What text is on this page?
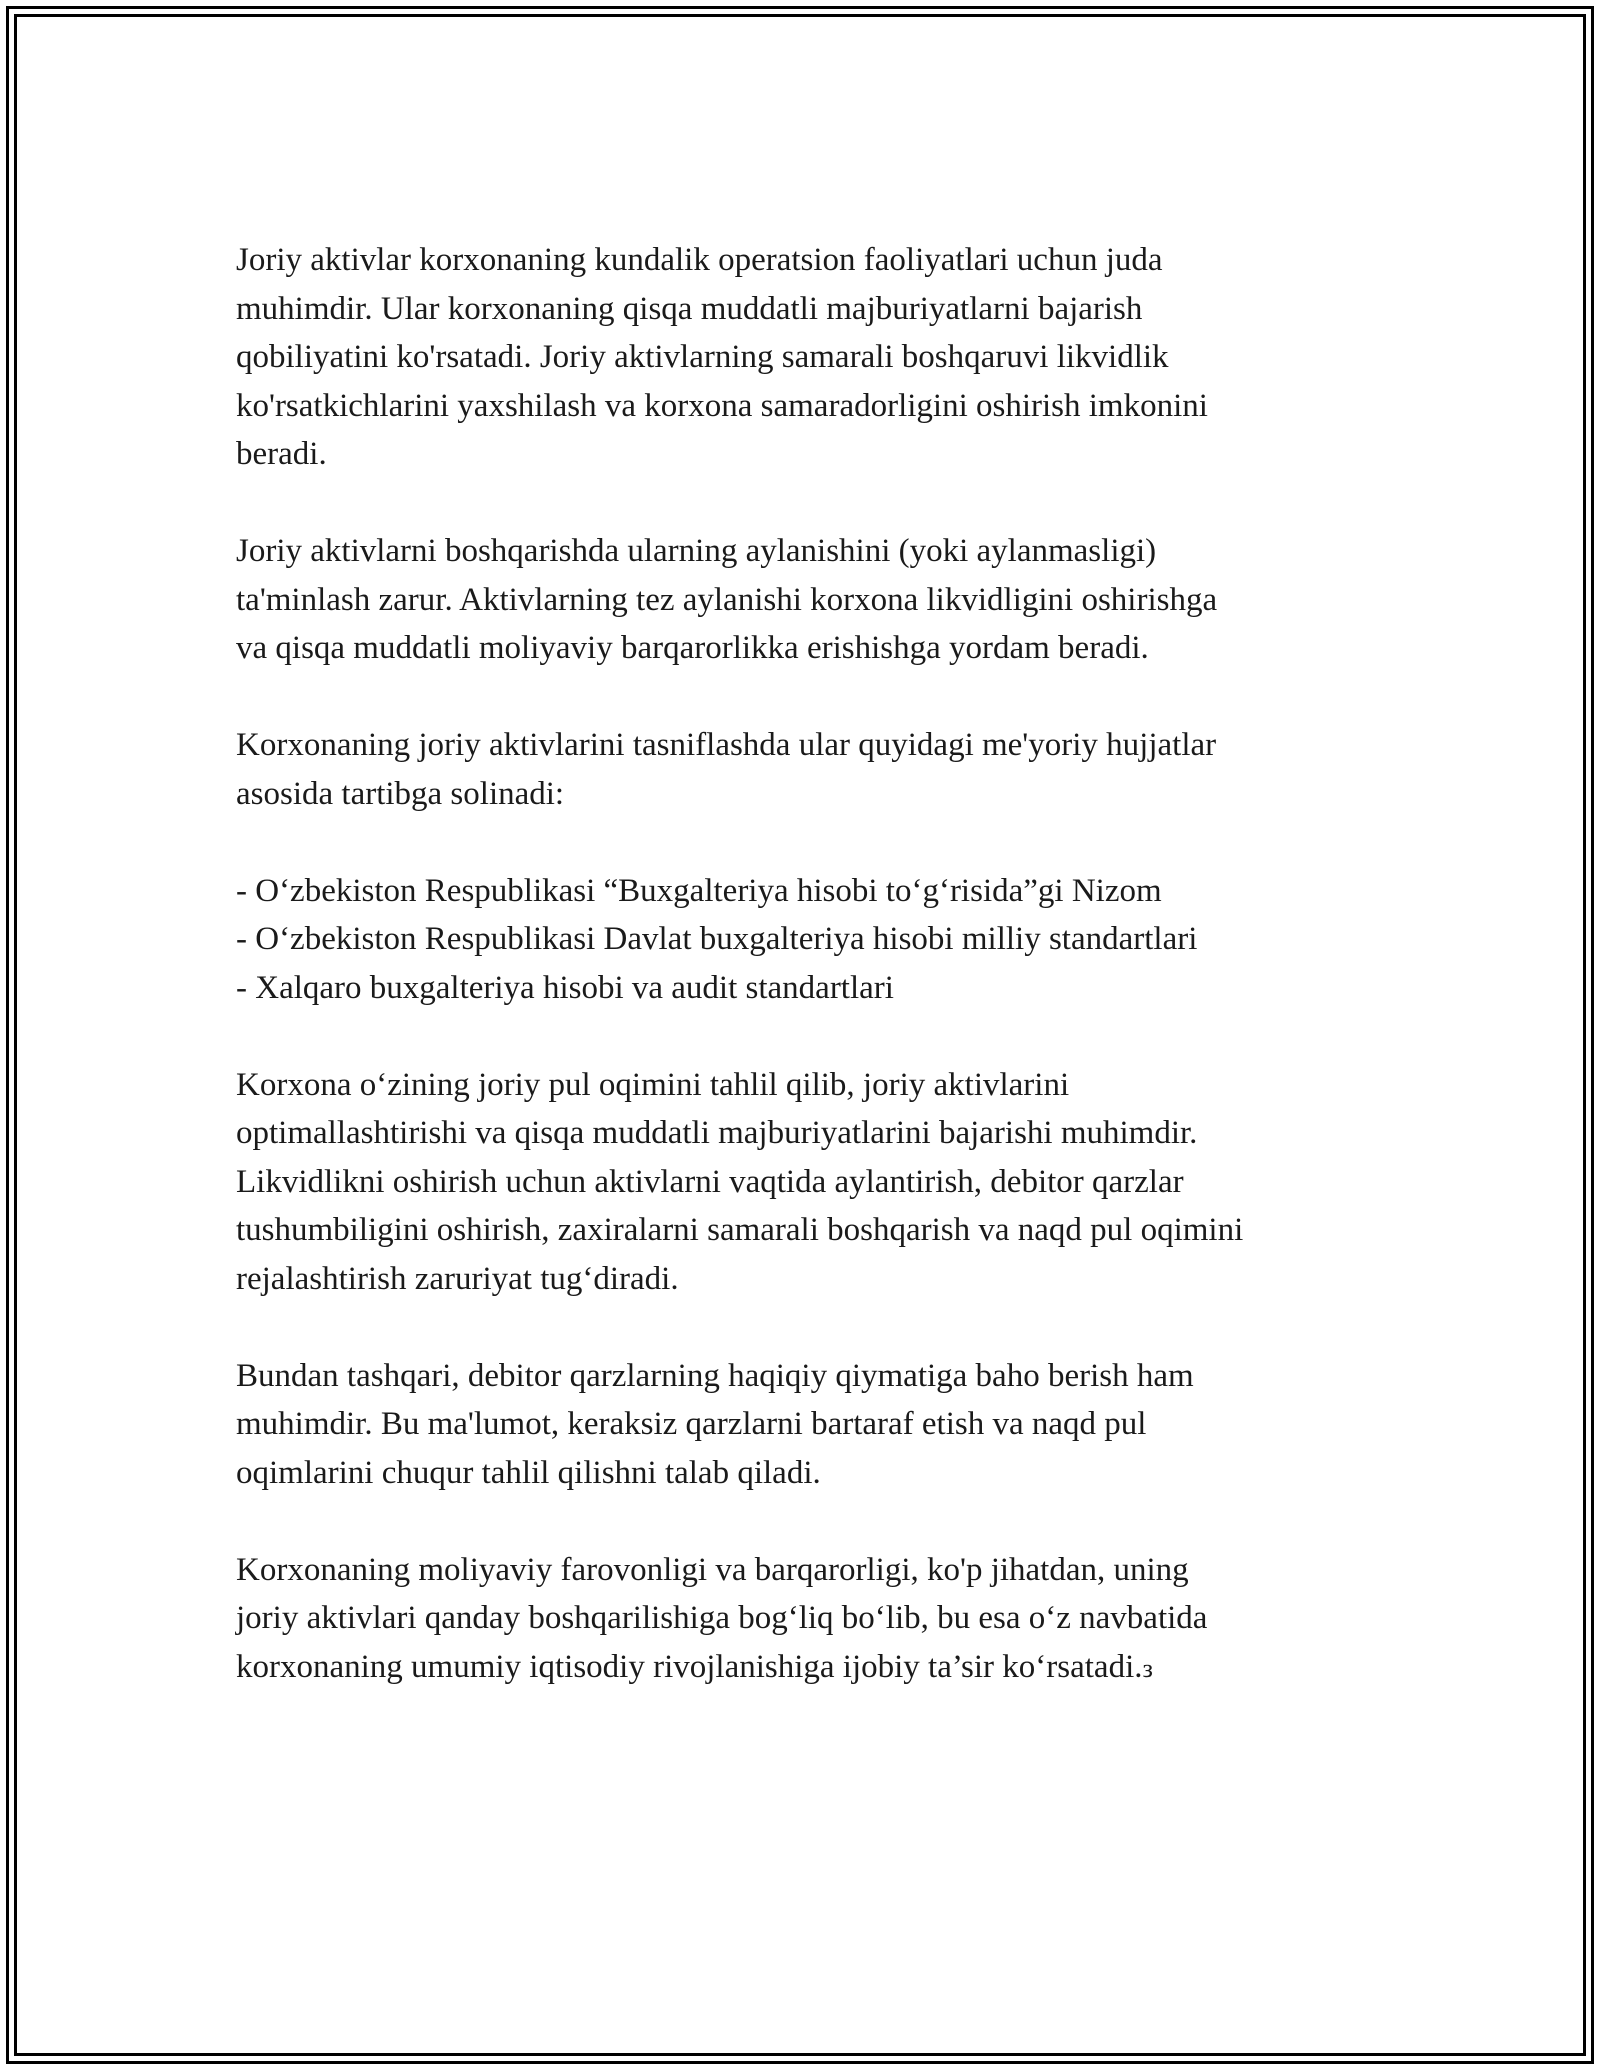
Joriy aktivlar korxonaning kundalik operatsion faoliyatlari uchun juda
muhimdir. Ular korxonaning qisqa muddatli majburiyatlarni bajarish
qobiliyatini ko'rsatadi. Joriy aktivlarning samarali boshqaruvi likvidlik
ko'rsatkichlarini yaxshilash va korxona samaradorligini oshirish imkonini
beradi.

Joriy aktivlarni boshqarishda ularning aylanishini (yoki aylanmasligi)
ta'minlash zarur. Aktivlarning tez aylanishi korxona likvidligini oshirishga
va qisqa muddatli moliyaviy barqarorlikka erishishga yordam beradi.

Korxonaning joriy aktivlarini tasniflashda ular quyidagi me'yoriy hujjatlar
asosida tartibga solinadi:

- O‘zbekiston Respublikasi “Buxgalteriya hisobi to‘g‘risida”gi Nizom
- O‘zbekiston Respublikasi Davlat buxgalteriya hisobi milliy standartlari
- Xalqaro buxgalteriya hisobi va audit standartlari

Korxona o‘zining joriy pul oqimini tahlil qilib, joriy aktivlarini
optimallashtirishi va qisqa muddatli majburiyatlarini bajarishi muhimdir.
Likvidlikni oshirish uchun aktivlarni vaqtida aylantirish, debitor qarzlar
tushumbiligini oshirish, zaxiralarni samarali boshqarish va naqd pul oqimini
rejalashtirish zaruriyat tug‘diradi.

Bundan tashqari, debitor qarzlarning haqiqiy qiymatiga baho berish ham
muhimdir. Bu ma'lumot, keraksiz qarzlarni bartaraf etish va naqd pul
oqimlarini chuqur tahlil qilishni talab qiladi.

Korxonaning moliyaviy farovonligi va barqarorligi, ko'p jihatdan, uning
joriy aktivlari qanday boshqarilishiga bog‘liq bo‘lib, bu esa o‘z navbatida
korxonaning umumiy iqtisodiy rivojlanishiga ijobiy ta’sir ko‘rsatadi.з
